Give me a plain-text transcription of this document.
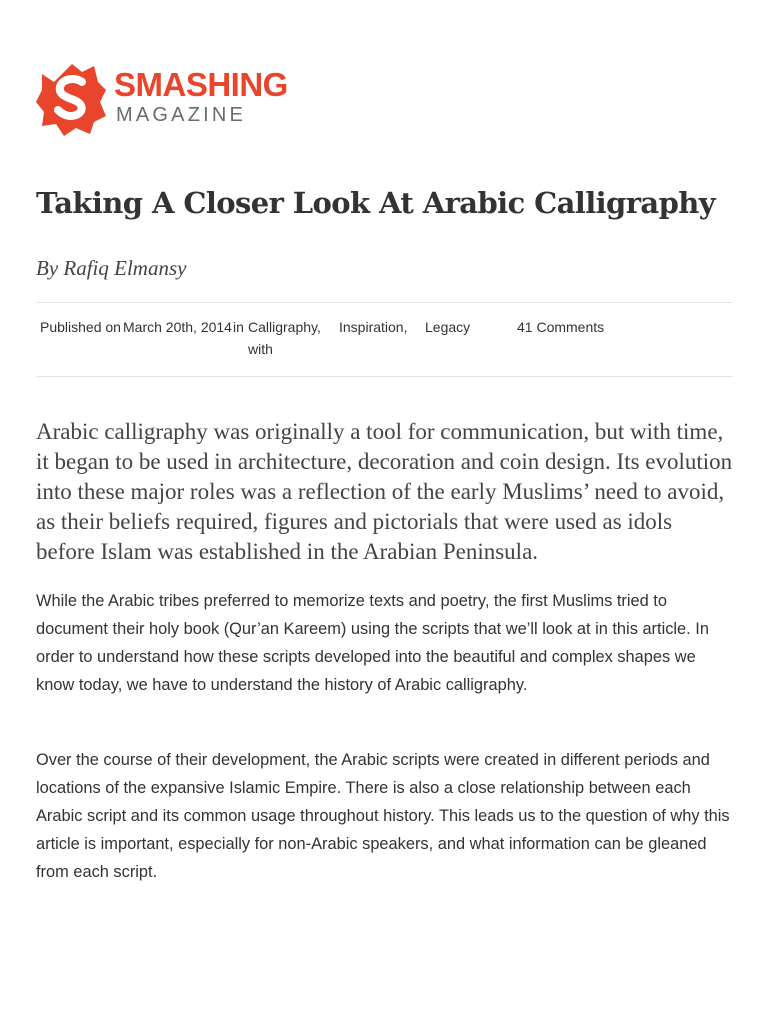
SMASHING
MAGAZINE
Taking A Closer Look At Arabic Calligraphy

By Rafiq Elmansy

Published on March 20th, 2014 in Calligraphy,
with
Inspiration, Legacy	41 Comments

Arabic calligraphy was originally a tool for communication, but with time, it began to be used in architecture, decoration and coin design. Its evolution into these major roles was a reflection of the early Muslims’ need to avoid, as their beliefs required, figures and pictorials that were used as idols before Islam was established in the Arabian Peninsula.

While the Arabic tribes preferred to memorize texts and poetry, the first Muslims tried to document their holy book (Qur’an Kareem) using the scripts that we’ll look at in this article. In order to understand how these scripts developed into the beautiful and complex shapes we know today, we have to understand the history of Arabic calligraphy.

Over the course of their development, the Arabic scripts were created in different periods and locations of the expansive Islamic Empire. There is also a close relationship between each Arabic script and its common usage throughout history. This leads us to the question of why this article is important, especially for non-Arabic speakers, and what information can be gleaned from each script.
